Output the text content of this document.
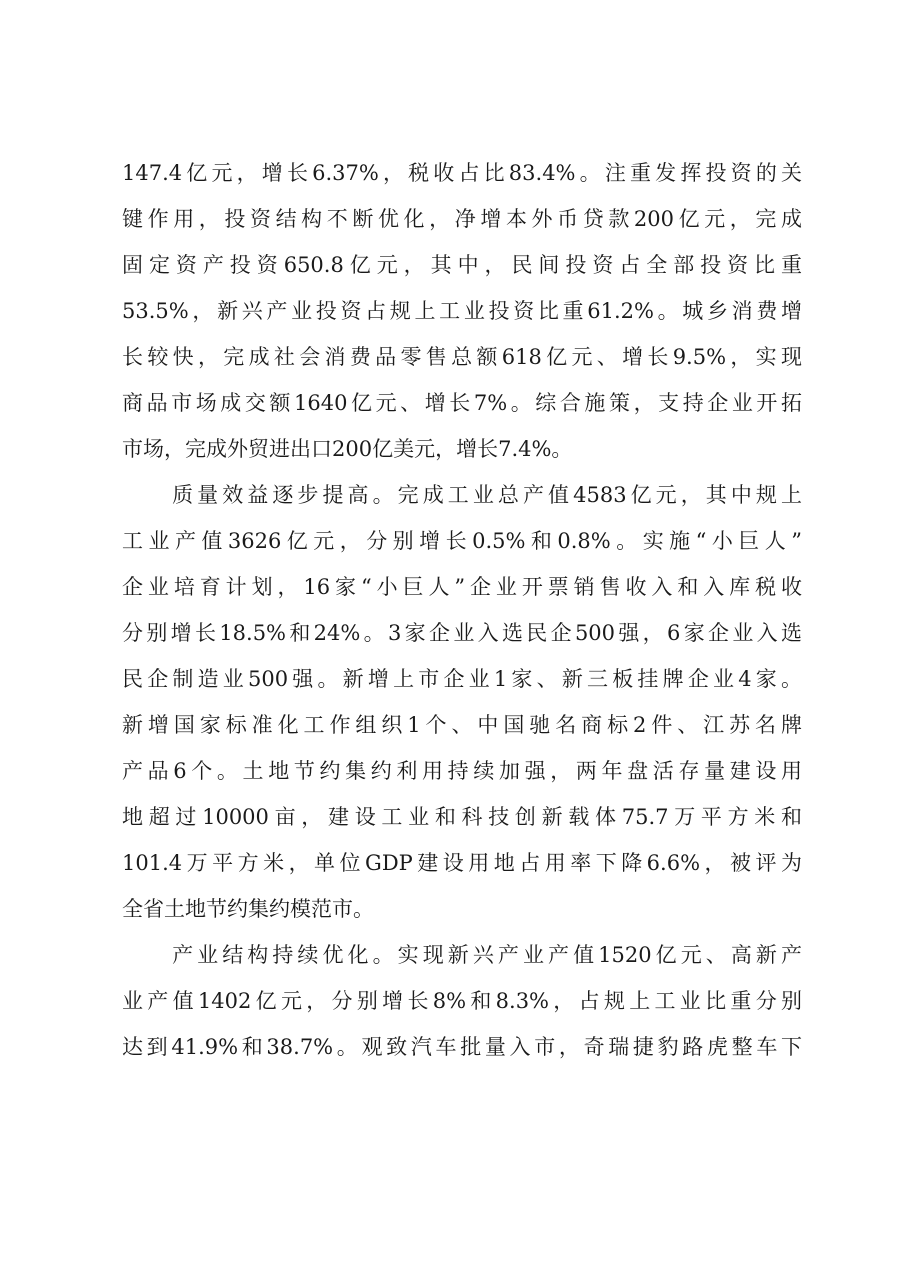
147.4亿元，增长6.37%，税收占比83.4%。注重发挥投资的关
键作用，投资结构不断优化，净增本外币贷款200亿元，完成
固定资产投资650.8亿元，其中，民间投资占全部投资比重
53.5%，新兴产业投资占规上工业投资比重61.2%。城乡消费增
长较快，完成社会消费品零售总额618亿元、增长9.5%，实现
商品市场成交额1640亿元、增长7%。综合施策，支持企业开拓
市场，完成外贸进出口200亿美元，增长7.4%。

　　质量效益逐步提高。完成工业总产值4583亿元，其中规上
工业产值3626亿元，分别增长0.5%和0.8%。实施“小巨人”
企业培育计划，16家“小巨人”企业开票销售收入和入库税收
分别增长18.5%和24%。3家企业入选民企500强，6家企业入选
民企制造业500强。新增上市企业1家、新三板挂牌企业4家。
新增国家标准化工作组织1个、中国驰名商标2件、江苏名牌
产品6个。土地节约集约利用持续加强，两年盘活存量建设用
地超过10000亩，建设工业和科技创新载体75.7万平方米和
101.4万平方米，单位GDP建设用地占用率下降6.6%，被评为
全省土地节约集约模范市。

　　产业结构持续优化。实现新兴产业产值1520亿元、高新产
业产值1402亿元，分别增长8%和8.3%，占规上工业比重分别
达到41.9%和38.7%。观致汽车批量入市，奇瑞捷豹路虎整车下
